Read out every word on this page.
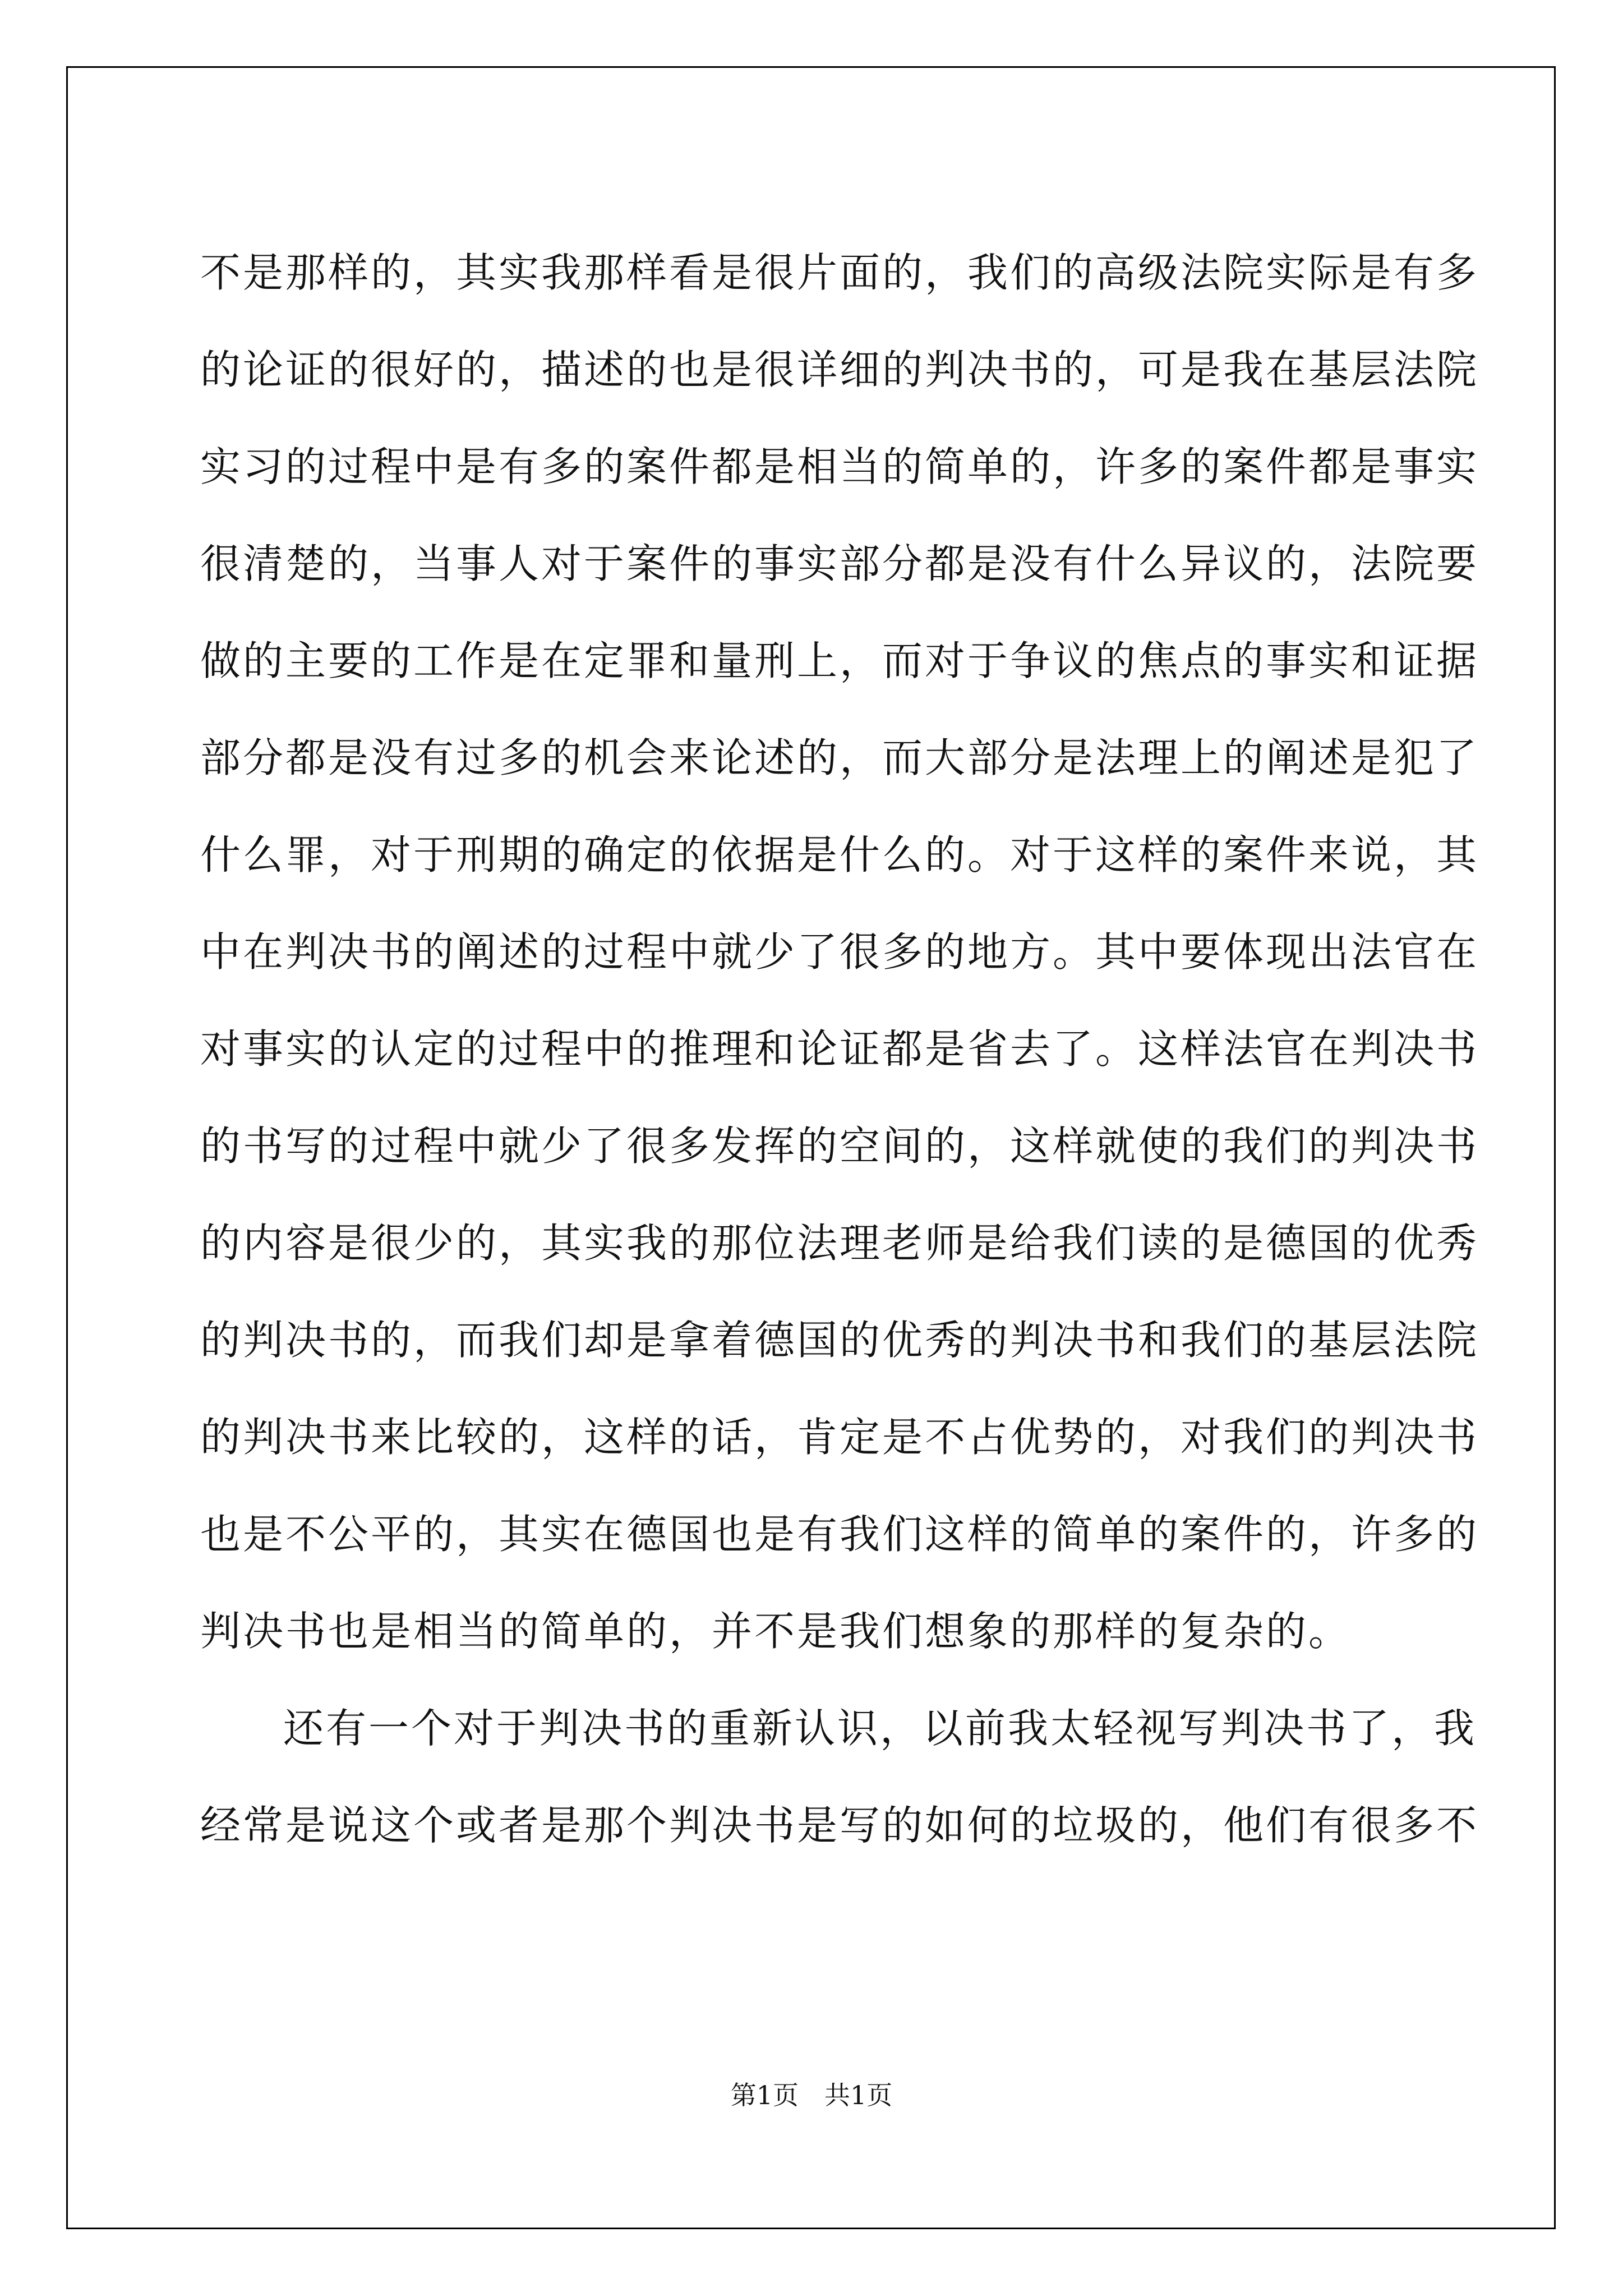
不是那样的，其实我那样看是很片面的，我们的高级法院实际是有多
的论证的很好的，描述的也是很详细的判决书的，可是我在基层法院
实习的过程中是有多的案件都是相当的简单的，许多的案件都是事实
很清楚的，当事人对于案件的事实部分都是没有什么异议的，法院要
做的主要的工作是在定罪和量刑上，而对于争议的焦点的事实和证据
部分都是没有过多的机会来论述的，而大部分是法理上的阐述是犯了
什么罪，对于刑期的确定的依据是什么的。对于这样的案件来说，其
中在判决书的阐述的过程中就少了很多的地方。其中要体现出法官在
对事实的认定的过程中的推理和论证都是省去了。这样法官在判决书
的书写的过程中就少了很多发挥的空间的，这样就使的我们的判决书
的内容是很少的，其实我的那位法理老师是给我们读的是德国的优秀
的判决书的，而我们却是拿着德国的优秀的判决书和我们的基层法院
的判决书来比较的，这样的话，肯定是不占优势的，对我们的判决书
也是不公平的，其实在德国也是有我们这样的简单的案件的，许多的
判决书也是相当的简单的，并不是我们想象的那样的复杂的。
还有一个对于判决书的重新认识，以前我太轻视写判决书了，我
经常是说这个或者是那个判决书是写的如何的垃圾的，他们有很多不
第1页　共1页
